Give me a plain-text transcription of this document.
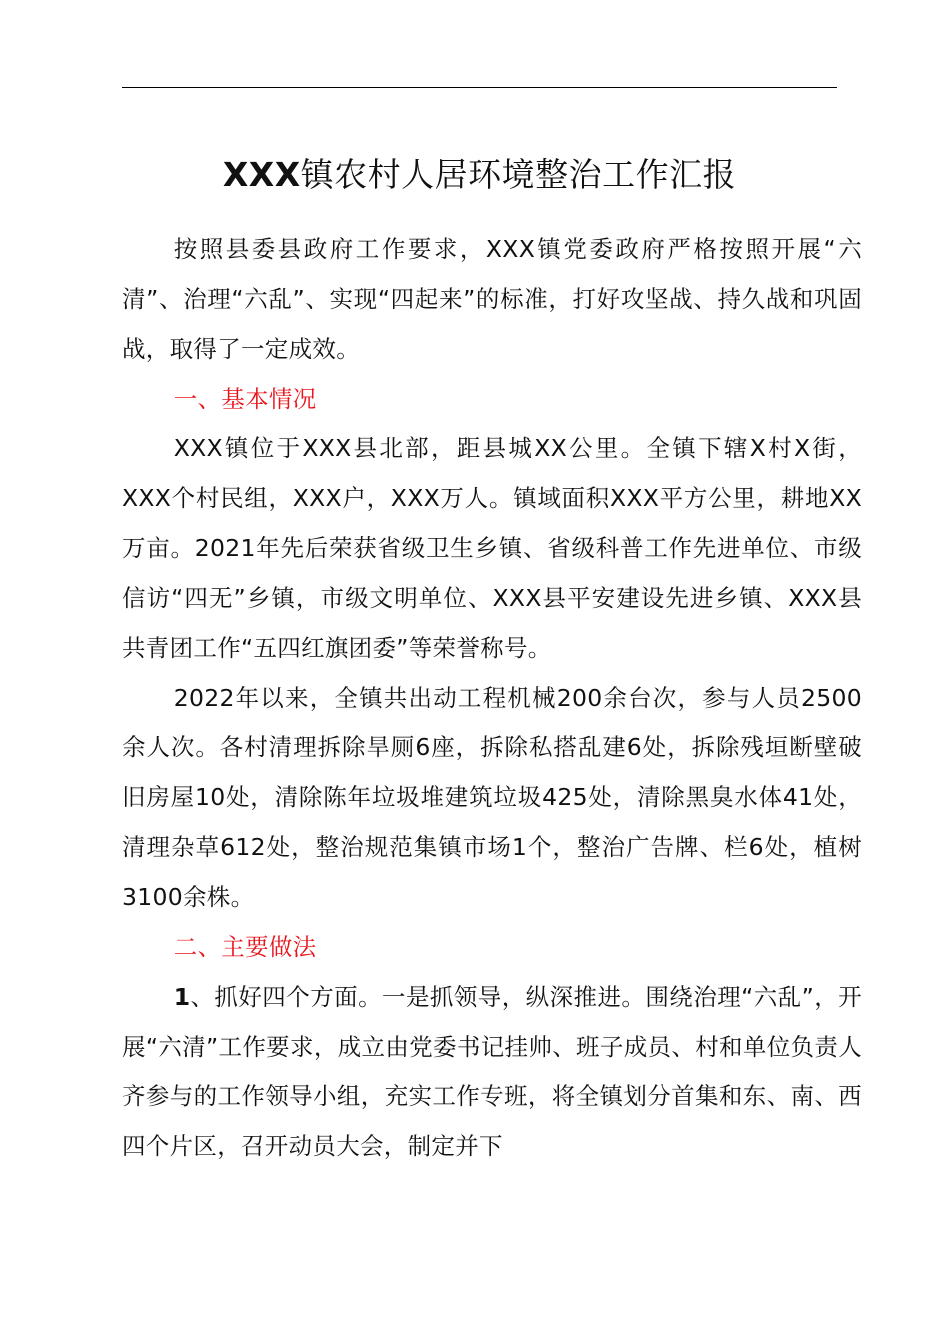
XXX镇农村人居环境整治工作汇报

按照县委县政府工作要求，XXX镇党委政府严格按照开展“六清”、治理“六乱”、实现“四起来”的标准，打好攻坚战、持久战和巩固战，取得了一定成效。

一、基本情况

XXX镇位于XXX县北部，距县城XX公里。全镇下辖X村X街，XXX个村民组，XXX户，XXX万人。镇域面积XXX平方公里，耕地XX万亩。2021年先后荣获省级卫生乡镇、省级科普工作先进单位、市级信访“四无”乡镇，市级文明单位、XXX县平安建设先进乡镇、XXX县共青团工作“五四红旗团委”等荣誉称号。

2022年以来，全镇共出动工程机械200余台次，参与人员2500余人次。各村清理拆除旱厕6座，拆除私搭乱建6处，拆除残垣断壁破旧房屋10处，清除陈年垃圾堆建筑垃圾425处，清除黑臭水体41处，清理杂草612处，整治规范集镇市场1个，整治广告牌、栏6处，植树3100余株。

二、主要做法

1、抓好四个方面。一是抓领导，纵深推进。围绕治理“六乱”，开展“六清”工作要求，成立由党委书记挂帅、班子成员、村和单位负责人齐参与的工作领导小组，充实工作专班，将全镇划分首集和东、南、西四个片区，召开动员大会，制定并下
